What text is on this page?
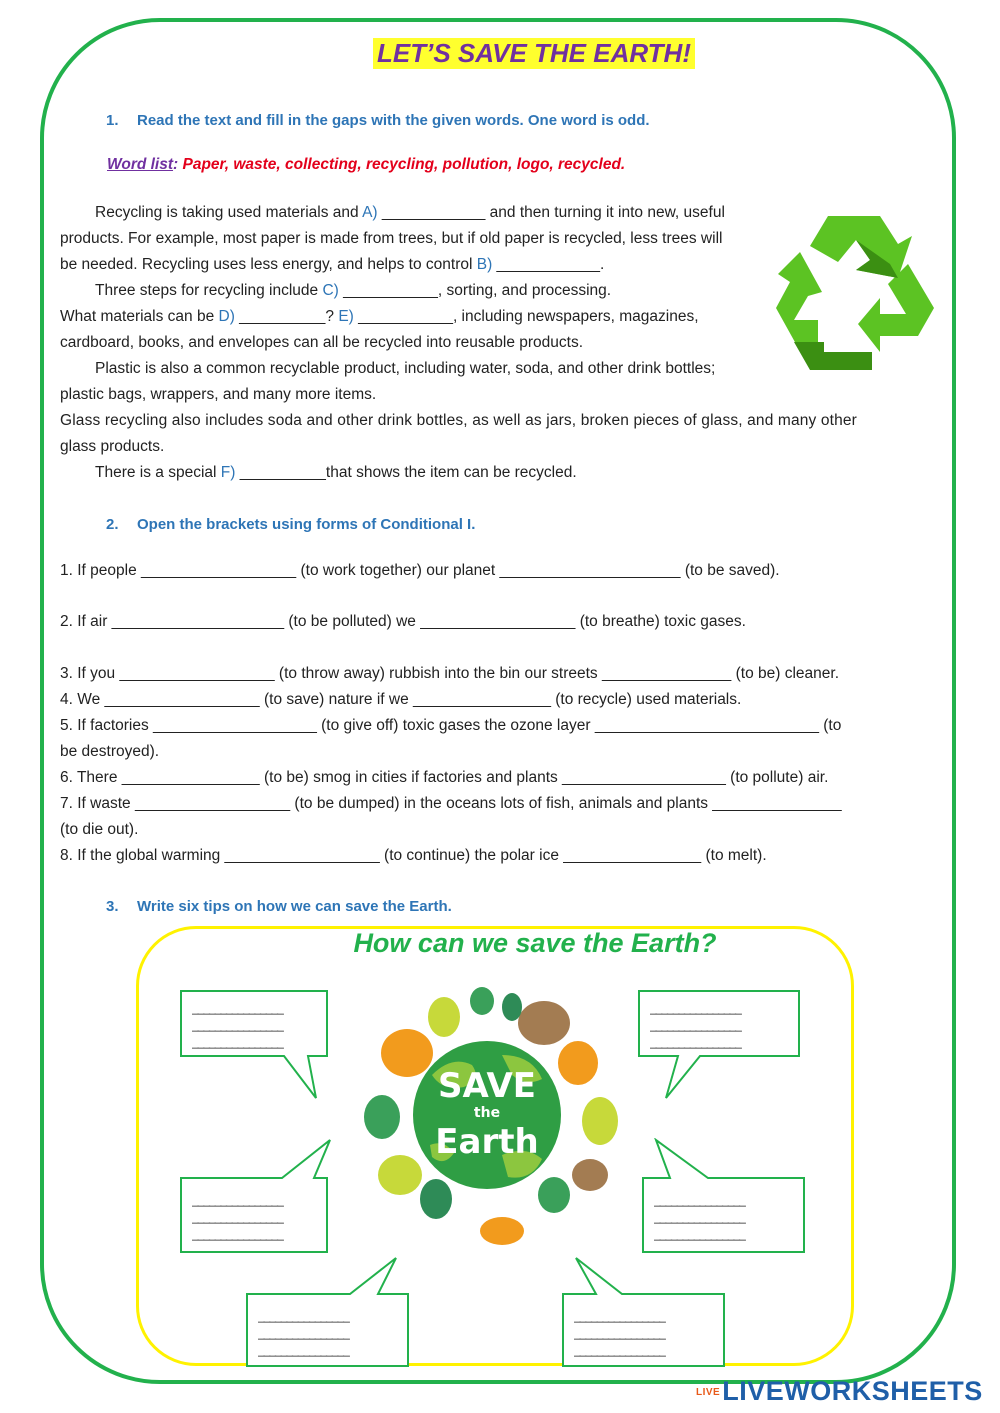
LET’S SAVE THE EARTH!
1. Read the text and fill in the gaps with the given words. One word is odd.
Word list: Paper, waste, collecting, recycling, pollution, logo, recycled.
Recycling is taking used materials and A) ____________ and then turning it into new, useful
products. For example, most paper is made from trees, but if old paper is recycled, less trees will
be needed. Recycling uses less energy, and helps to control B) ____________.
Three steps for recycling include C) ___________, sorting, and processing.
What materials can be D) __________? E) ___________, including newspapers, magazines,
cardboard, books, and envelopes can all be recycled into reusable products.
Plastic is also a common recyclable product, including water, soda, and other drink bottles;
plastic bags, wrappers, and many more items.
Glass recycling also includes soda and other drink bottles, as well as jars, broken pieces of glass, and many other
glass products.
There is a special F) __________that shows the item can be recycled.
2. Open the brackets using forms of Conditional I.
1. If people __________________ (to work together) our planet _____________________ (to be saved).
2. If air ____________________ (to be polluted) we __________________ (to breathe) toxic gases.
3. If you __________________ (to throw away) rubbish into the bin our streets _______________ (to be) cleaner.
4. We __________________ (to save) nature if we ________________ (to recycle) used materials.
5. If factories ___________________ (to give off) toxic gases the ozone layer __________________________ (to
be destroyed).
6. There ________________ (to be) smog in cities if factories and plants ___________________ (to pollute) air.
7. If waste __________________ (to be dumped) in the oceans lots of fish, animals and plants _______________
(to die out).
8. If the global warming __________________ (to continue) the polar ice ________________ (to melt).
3. Write six tips on how we can save the Earth.
How can we save the Earth?
________________
________________
________________
________________
________________
________________
________________
________________
________________
________________
________________
________________
________________
________________
________________
________________
________________
________________
SAVE
the
Earth
LIVELIVEWORKSHEETS
